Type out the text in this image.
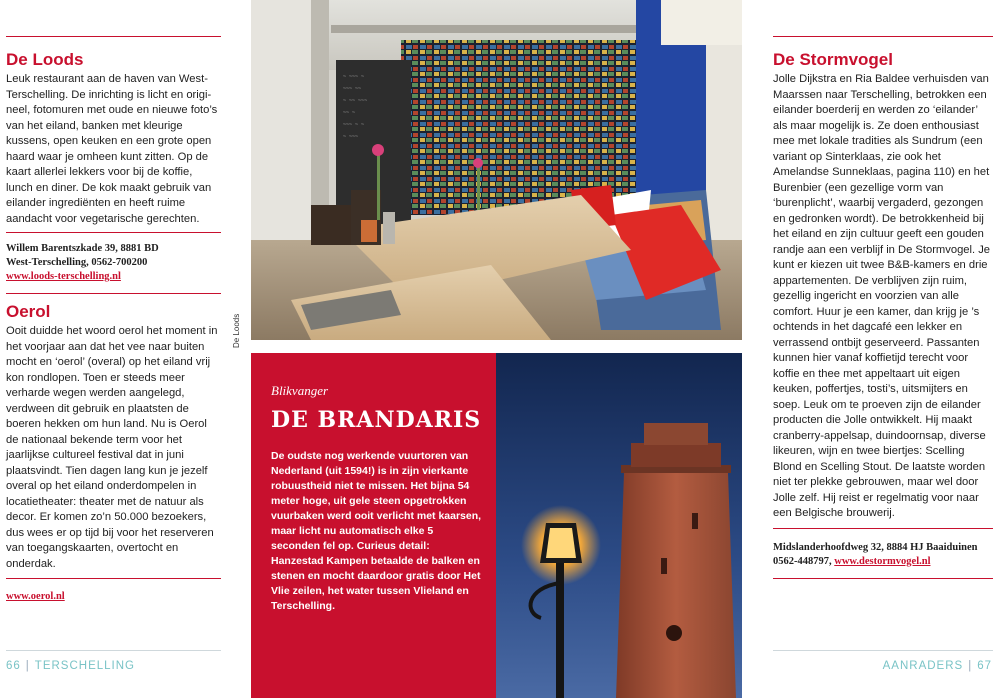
De Loods

Leuk restaurant aan de haven van West-Terschelling. De inrichting is licht en origi-neel, fotomuren met oude en nieuwe foto’s van het eiland, banken met kleurige kussens, open keuken en een grote open haard waar je omheen kunt zitten. Op de kaart allerlei lekkers voor bij de koffie, lunch en diner. De kok maakt gebruik van eilander ingrediënten en heeft ruime aandacht voor vegetarische gerechten.

Willem Barentszkade 39, 8881 BD
West-Terschelling, 0562-700200
www.loods-terschelling.nl
Oerol

Ooit duidde het woord oerol het moment in het voorjaar aan dat het vee naar buiten mocht en ‘oerol’ (overal) op het eiland vrij kon rondlopen. Toen er steeds meer verharde wegen werden aangelegd, verdween dit gebruik en plaatsten de boeren hekken om hun land. Nu is Oerol de nationaal bekende term voor het jaarlijkse cultureel festival dat in juni plaatsvindt. Tien dagen lang kun je jezelf overal op het eiland onderdompelen in locatietheater: theater met de natuur als decor. Er komen zo’n 50.000 bezoekers, dus wees er op tijd bij voor het reserveren van toegangskaarten, overtocht en onderdak.

www.oerol.nl
66 | TERSCHELLING
De Loods
~ ~~~ ~
~~~ ~~
~ ~~ ~~~
~~ ~
~~~ ~ ~
~ ~~~
Blikvanger
DE BRANDARIS

De oudste nog werkende vuurtoren van Nederland (uit 1594!) is in zijn vierkante robuustheid niet te missen. Het bijna 54 meter hoge, uit gele steen opgetrokken vuurbaken werd ooit verlicht met kaarsen, maar licht nu automatisch elke 5 seconden fel op. Curieus detail: Hanzestad Kampen betaalde de balken en stenen en mocht daardoor gratis door Het Vlie zeilen, het water tussen Vlieland en Terschelling.

De Stormvogel

Jolle Dijkstra en Ria Baldee verhuisden van Maarssen naar Terschelling, betrokken een eilander boerderij en werden zo ‘eilander’ als maar mogelijk is. Ze doen enthousiast mee met lokale tradities als Sundrum (een variant op Sinterklaas, zie ook het Amelandse Sunneklaas, pagina 110) en het Burenbier (een gezellige vorm van ‘burenplicht’, waarbij vergaderd, gezongen en gedronken wordt). De betrokkenheid bij het eiland en zijn cultuur geeft een gouden randje aan een verblijf in De Stormvogel. Je kunt er kiezen uit twee B&B-kamers en drie appartementen. De verblijven zijn ruim, gezellig ingericht en voorzien van alle comfort. Huur je een kamer, dan krijg je ’s ochtends in het dagcafé een lekker en verrassend ontbijt geserveerd. Passanten kunnen hier vanaf koffietijd terecht voor koffie en thee met appeltaart uit eigen keuken, poffertjes, tosti’s, uitsmijters en soep. Leuk om te proeven zijn de eilander producten die Jolle ontwikkelt. Hij maakt cranberry-appelsap, duindoornsap, diverse likeuren, wijn en twee biertjes: Scelling Blond en Scelling Stout. De laatste worden niet ter plekke gebrouwen, maar wel door Jolle zelf. Hij reist er regelmatig voor naar een Belgische brouwerij.

Midslanderhoofdweg 32, 8884 HJ Baaiduinen
0562-448797, www.destormvogel.nl
AANRADERS | 67
